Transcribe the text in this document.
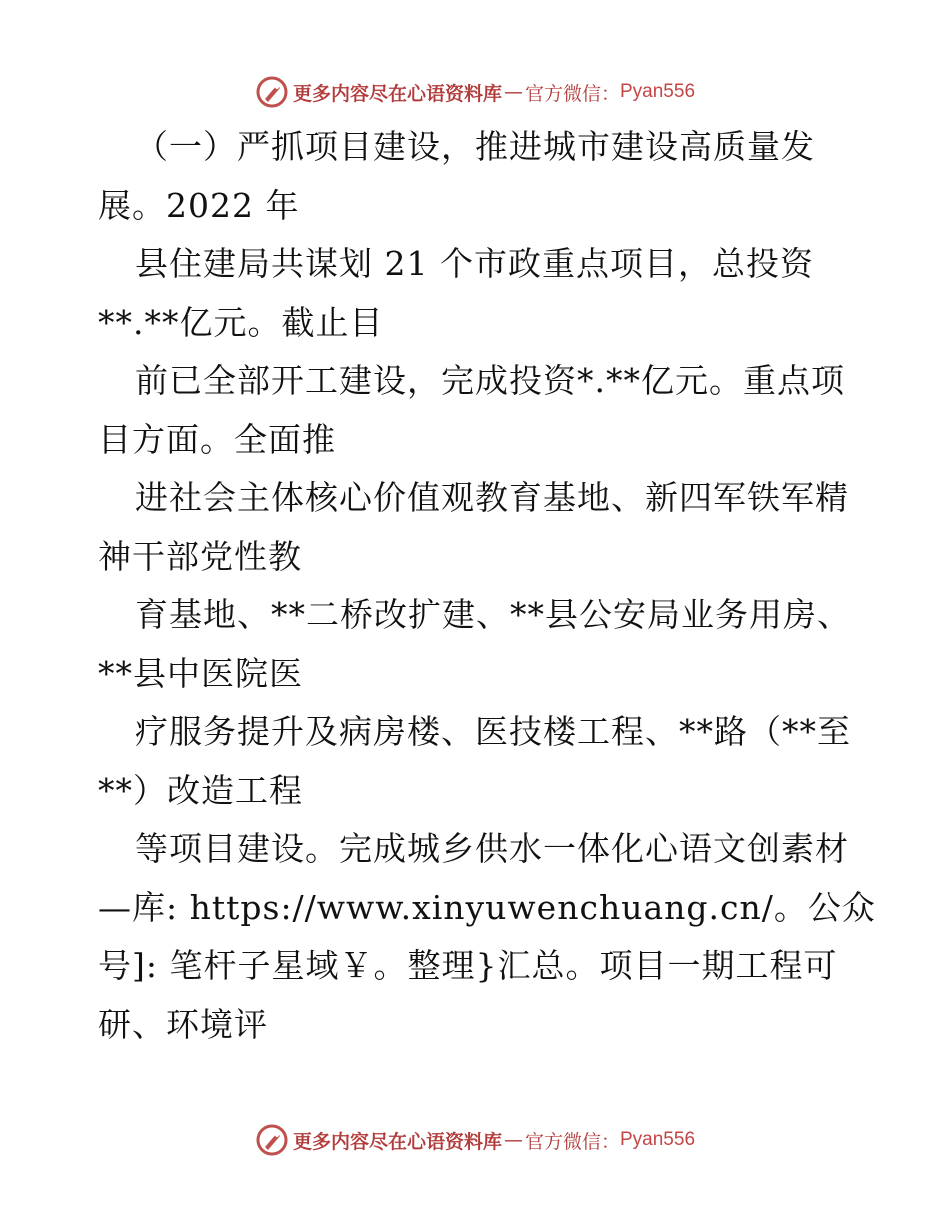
更多内容尽在心语资料库 — 官方微信： Pyan556
（一）严抓项目建设，推进城市建设高质量发
展。2022 年
县住建局共谋划 21 个市政重点项目，总投资
**.**亿元。截止目
前已全部开工建设，完成投资*.**亿元。重点项
目方面。全面推
进社会主体核心价值观教育基地、新四军铁军精
神干部党性教
育基地、**二桥改扩建、**县公安局业务用房、
**县中医院医
疗服务提升及病房楼、医技楼工程、**路（**至
**）改造工程
等项目建设。完成城乡供水一体化心语文创素材
—库: https://www.xinyuwenchuang.cn/。公众
号]: 笔杆子星域￥。整理}汇总。项目一期工程可
研、环境评
更多内容尽在心语资料库 — 官方微信： Pyan556
